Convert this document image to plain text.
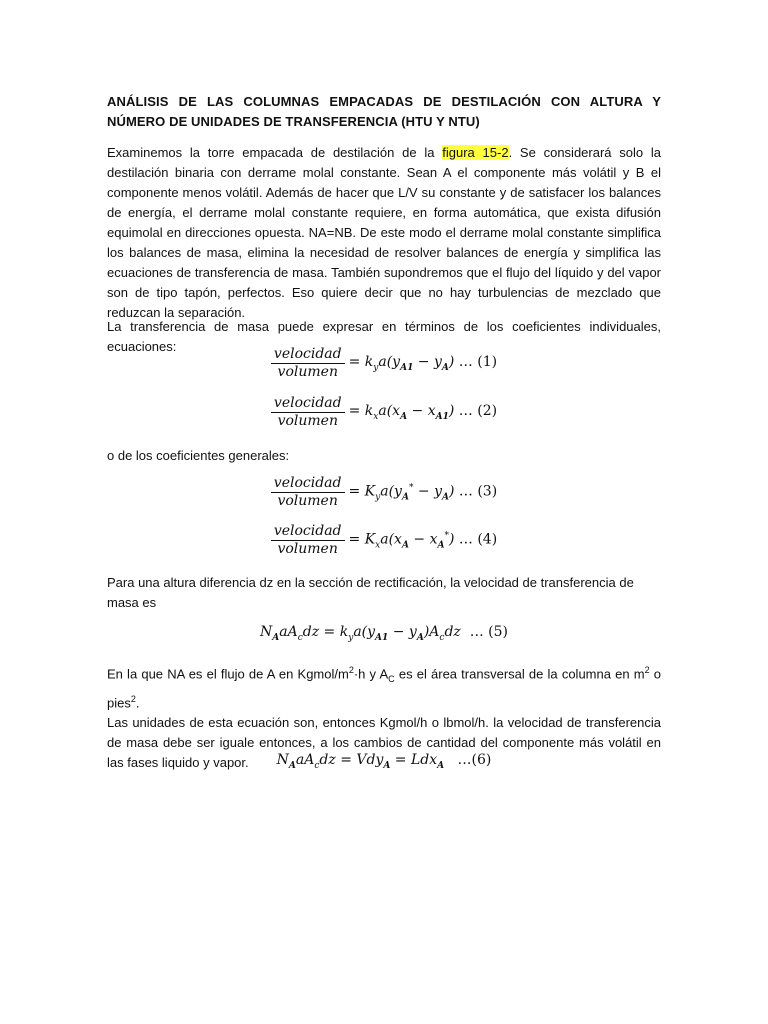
ANÁLISIS DE LAS COLUMNAS EMPACADAS DE DESTILACIÓN CON ALTURA Y NÚMERO DE UNIDADES DE TRANSFERENCIA (HTU Y NTU)
Examinemos la torre empacada de destilación de la figura 15-2. Se considerará solo la destilación binaria con derrame molal constante. Sean A el componente más volátil y B el componente menos volátil. Además de hacer que L/V su constante y de satisfacer los balances de energía, el derrame molal constante requiere, en forma automática, que exista difusión equimolal en direcciones opuesta. NA=NB. De este modo el derrame molal constante simplifica los balances de masa, elimina la necesidad de resolver balances de energía y simplifica las ecuaciones de transferencia de masa. También supondremos que el flujo del líquido y del vapor son de tipo tapón, perfectos. Eso quiere decir que no hay turbulencias de mezclado que reduzcan la separación.
La transferencia de masa puede expresar en términos de los coeficientes individuales, ecuaciones:	$\frac{\text{velocidad}}{\text{volumen}} = k_ya(y_{A1} - y_A)$ … (1)
$\frac{\text{velocidad}}{\text{volumen}} = k_xa(x_A - x_{A1})$ … (2)
o de los coeficientes generales:
$\frac{\text{velocidad}}{\text{volumen}} = K_ya(y_A^* - y_A)$ … (3)
$\frac{\text{velocidad}}{\text{volumen}} = K_xa(x_A - x_A^*)$ … (4)
Para una altura diferencia dz en la sección de rectificación, la velocidad de transferencia de masa es
$N_AaA_cdz = k_ya(y_{A1} - y_A)A_cdz$  … (5)
En la que NA es el flujo de A en Kgmol/$m^2\cdot h$ y $A_C$ es el área transversal de la columna en $m^2$ o pies$^2$.
Las unidades de esta ecuación son, entonces Kgmol/h o lbmol/h. la velocidad de transferencia de masa debe ser iguale entonces, a los cambios de cantidad del componente más volátil en las fases liquido y vapor.	$N_AaA_cdz = Vdy_A = Ldx_A$ …(6)
